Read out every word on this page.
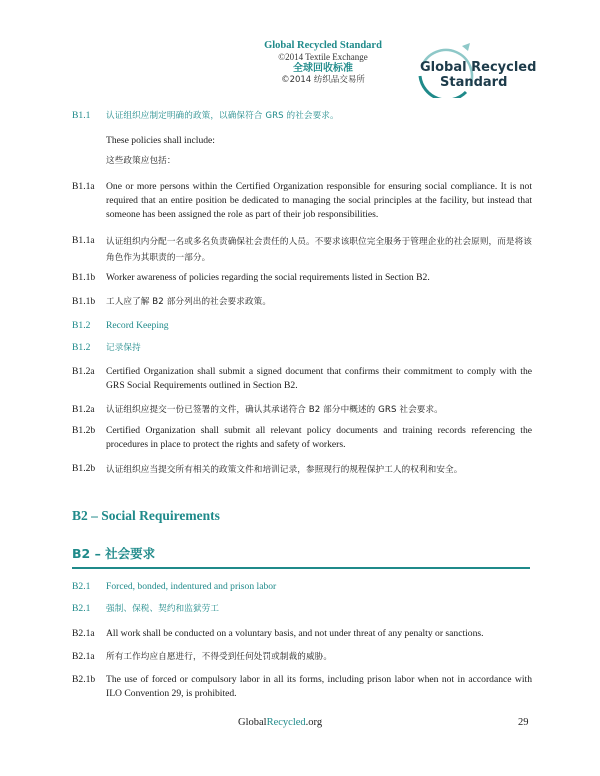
Global Recycled Standard
©2014 Textile Exchange
全球回收标准
©2014 纺织品交易所
Global Recycled
Standard
B1.1	认证组织应制定明确的政策，以确保符合 GRS 的社会要求。
These policies shall include:
这些政策应包括：
B1.1a	One or more persons within the Certified Organization responsible for ensuring social compliance. It is not required that an entire position be dedicated to managing the social principles at the facility, but instead that someone has been assigned the role as part of their job responsibilities.
B1.1a	认证组织内分配一名或多名负责确保社会责任的人员。不要求该职位完全服务于管理企业的社会原则，而是将该角色作为其职责的一部分。
B1.1b	Worker awareness of policies regarding the social requirements listed in Section B2.
B1.1b	工人应了解 B2 部分列出的社会要求政策。
B1.2	Record Keeping
B1.2	记录保持
B1.2a	Certified Organization shall submit a signed document that confirms their commitment to comply with the GRS Social Requirements outlined in Section B2.
B1.2a	认证组织应提交一份已签署的文件，确认其承诺符合 B2 部分中概述的 GRS 社会要求。
B1.2b	Certified Organization shall submit all relevant policy documents and training records referencing the procedures in place to protect the rights and safety of workers.
B1.2b	认证组织应当提交所有相关的政策文件和培训记录，参照现行的规程保护工人的权利和安全。
B2 – Social Requirements
B2 – 社会要求
B2.1	Forced, bonded, indentured and prison labor
B2.1	强制、保税、契约和监狱劳工
B2.1a	All work shall be conducted on a voluntary basis, and not under threat of any penalty or sanctions.
B2.1a	所有工作均应自愿进行，不得受到任何处罚或制裁的威胁。
B2.1b	The use of forced or compulsory labor in all its forms, including prison labor when not in accordance with ILO Convention 29, is prohibited.
GlobalRecycled.org	29
